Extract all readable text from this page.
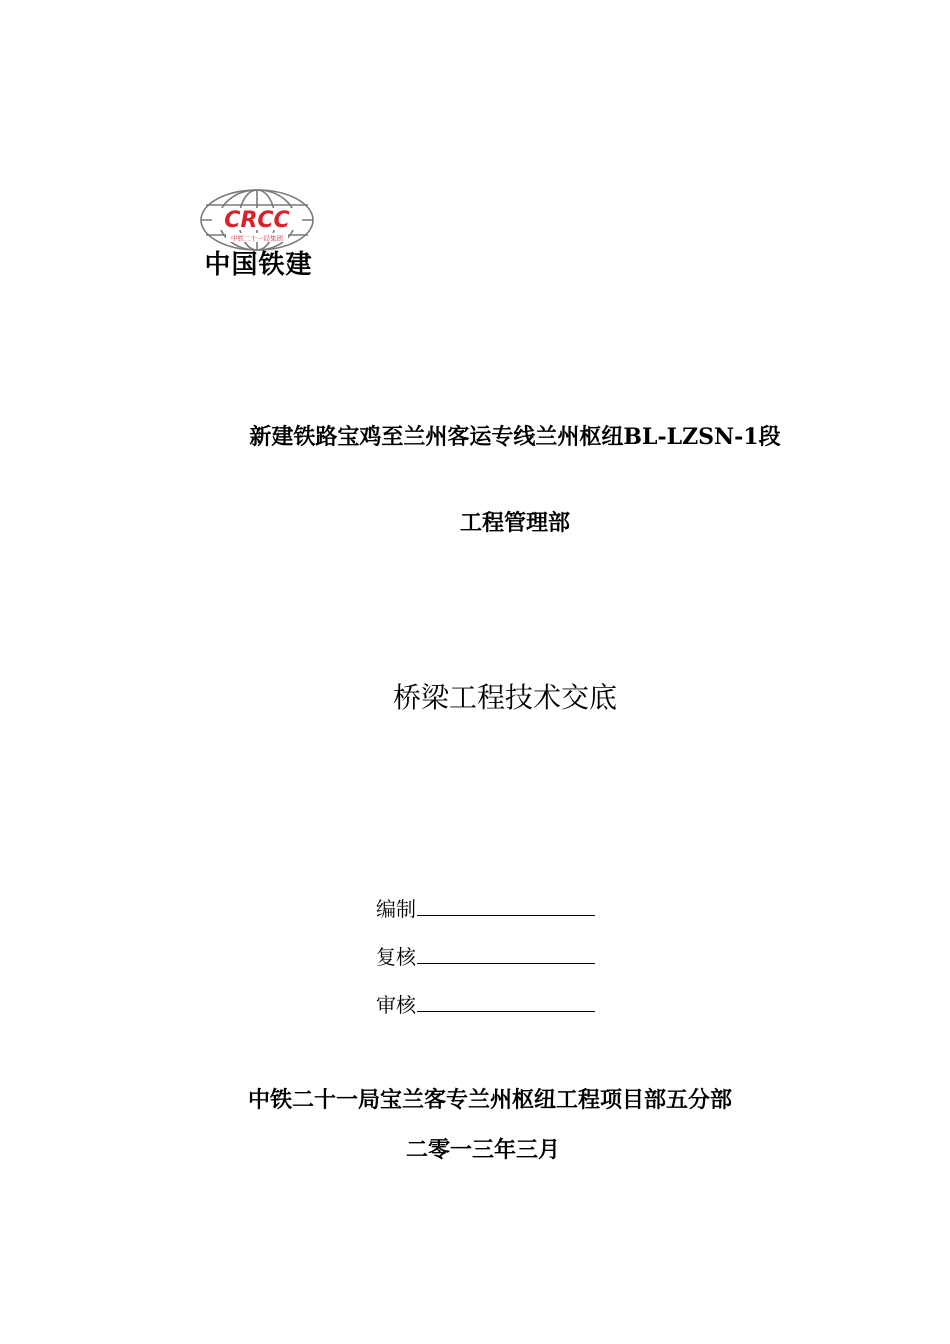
CRCC
中铁二十一局集团
中国铁建
新建铁路宝鸡至兰州客运专线兰州枢纽BL-LZSN-1段
工程管理部
桥梁工程技术交底
编制
复核
审核
中铁二十一局宝兰客专兰州枢纽工程项目部五分部
二零一三年三月
